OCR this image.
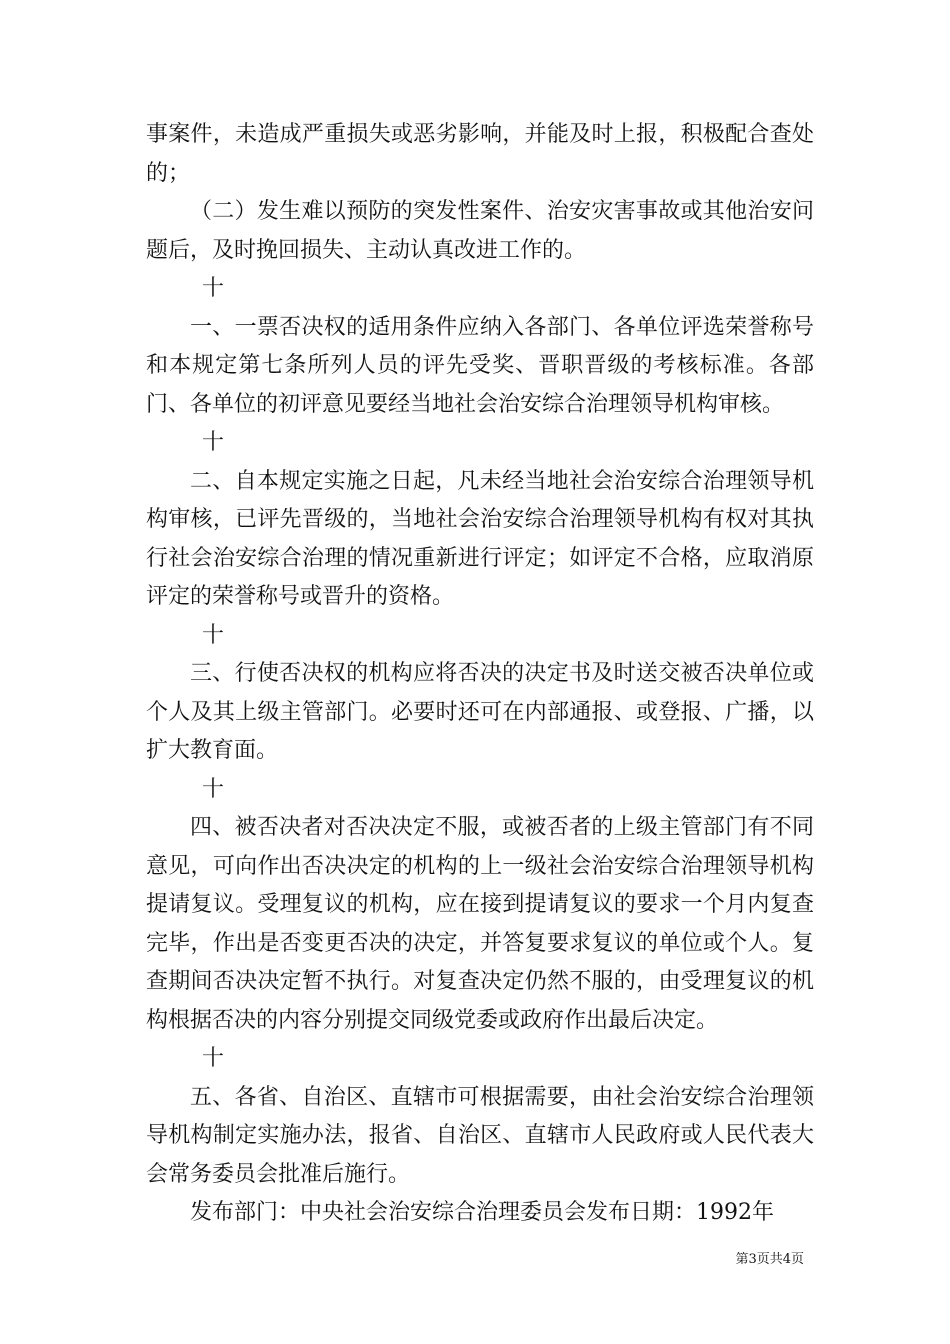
事案件，未造成严重损失或恶劣影响，并能及时上报，积极配合查处的；

（二）发生难以预防的突发性案件、治安灾害事故或其他治安问题后，及时挽回损失、主动认真改进工作的。

十

一、一票否决权的适用条件应纳入各部门、各单位评选荣誉称号和本规定第七条所列人员的评先受奖、晋职晋级的考核标准。各部门、各单位的初评意见要经当地社会治安综合治理领导机构审核。

十

二、自本规定实施之日起，凡未经当地社会治安综合治理领导机构审核，已评先晋级的，当地社会治安综合治理领导机构有权对其执行社会治安综合治理的情况重新进行评定；如评定不合格，应取消原评定的荣誉称号或晋升的资格。

十

三、行使否决权的机构应将否决的决定书及时送交被否决单位或个人及其上级主管部门。必要时还可在内部通报、或登报、广播，以扩大教育面。

十

四、被否决者对否决决定不服，或被否者的上级主管部门有不同意见，可向作出否决决定的机构的上一级社会治安综合治理领导机构提请复议。受理复议的机构，应在接到提请复议的要求一个月内复查完毕，作出是否变更否决的决定，并答复要求复议的单位或个人。复查期间否决决定暂不执行。对复查决定仍然不服的，由受理复议的机构根据否决的内容分别提交同级党委或政府作出最后决定。

十

五、各省、自治区、直辖市可根据需要，由社会治安综合治理领导机构制定实施办法，报省、自治区、直辖市人民政府或人民代表大会常务委员会批准后施行。

发布部门：中央社会治安综合治理委员会发布日期：1992年

第3页共4页
